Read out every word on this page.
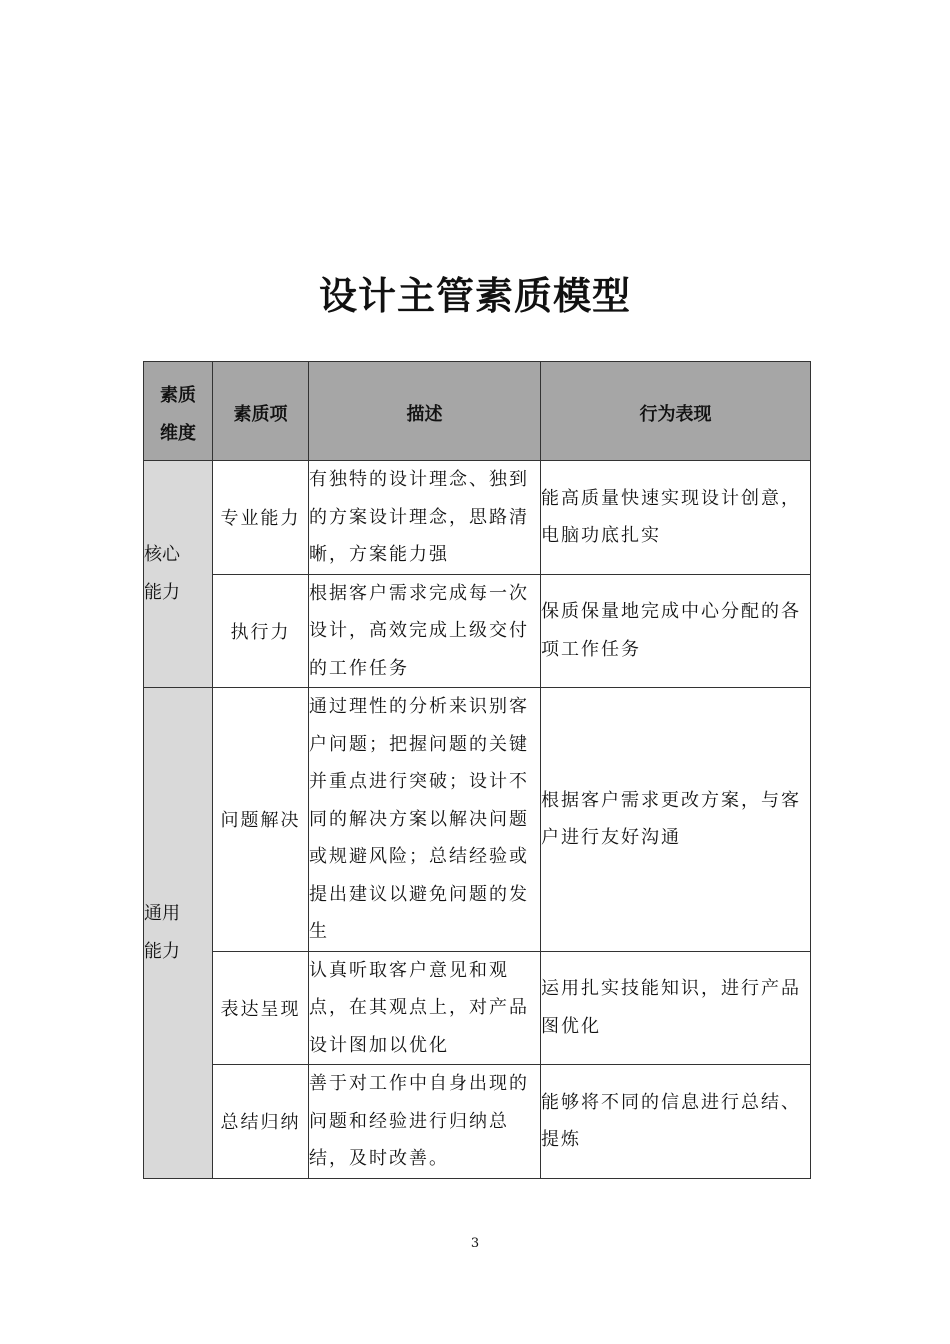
设计主管素质模型
素质
维度	素质项	描述	行为表现

核心
能力	专业能力	有独特的设计理念、独到的方案设计理念，思路清晰，方案能力强	能高质量快速实现设计创意，电脑功底扎实
	执行力	根据客户需求完成每一次设计，高效完成上级交付的工作任务	保质保量地完成中心分配的各项工作任务

通用
能力	问题解决	通过理性的分析来识别客户问题；把握问题的关键并重点进行突破；设计不同的解决方案以解决问题或规避风险；总结经验或提出建议以避免问题的发生	根据客户需求更改方案，与客户进行友好沟通
	表达呈现	认真听取客户意见和观点，在其观点上，对产品设计图加以优化	运用扎实技能知识，进行产品图优化
	总结归纳	善于对工作中自身出现的问题和经验进行归纳总结，及时改善。	能够将不同的信息进行总结、提炼
3
